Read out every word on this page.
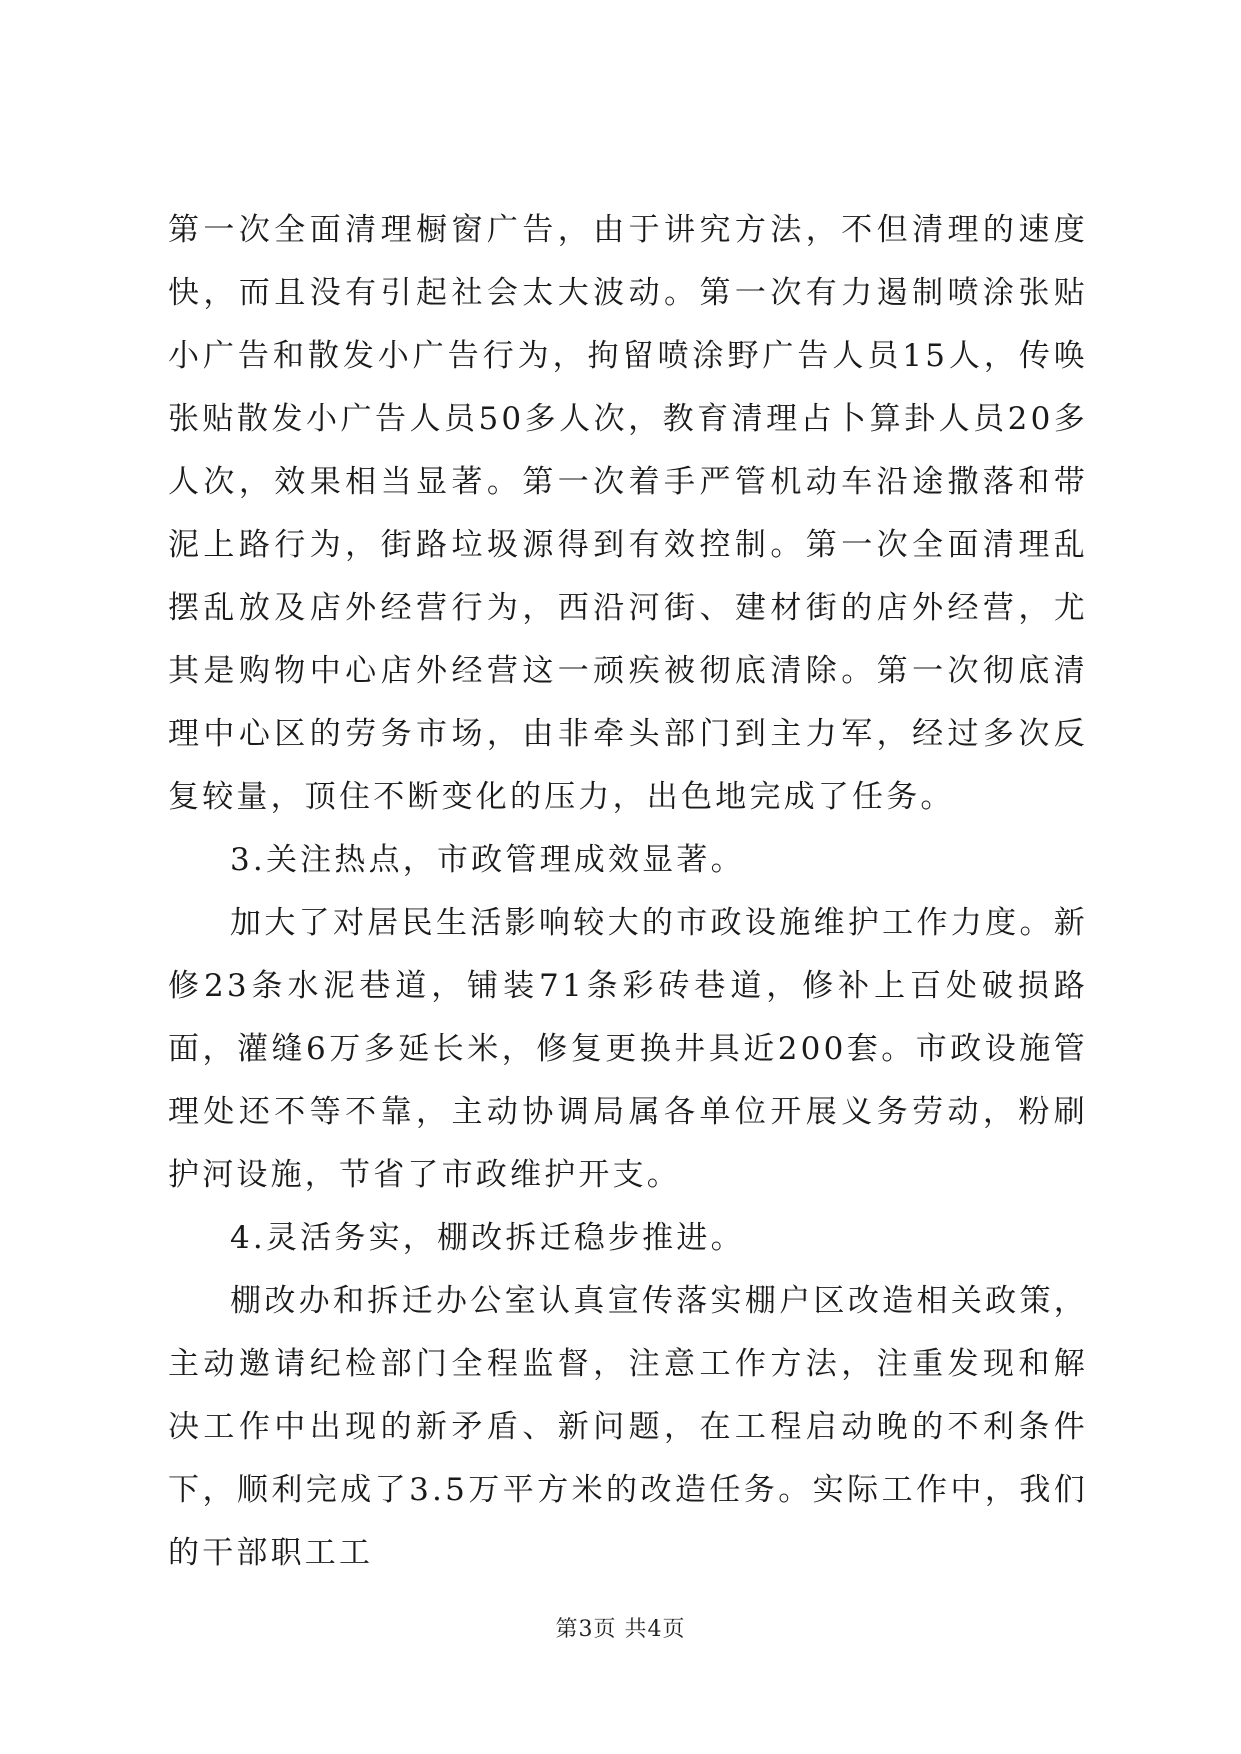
第一次全面清理橱窗广告，由于讲究方法，不但清理的速度快，而且没有引起社会太大波动。第一次有力遏制喷涂张贴小广告和散发小广告行为，拘留喷涂野广告人员15人，传唤张贴散发小广告人员50多人次，教育清理占卜算卦人员20多人次，效果相当显著。第一次着手严管机动车沿途撒落和带泥上路行为，街路垃圾源得到有效控制。第一次全面清理乱摆乱放及店外经营行为，西沿河街、建材街的店外经营，尤其是购物中心店外经营这一顽疾被彻底清除。第一次彻底清理中心区的劳务市场，由非牵头部门到主力军，经过多次反复较量，顶住不断变化的压力，出色地完成了任务。

3.关注热点，市政管理成效显著。

加大了对居民生活影响较大的市政设施维护工作力度。新修23条水泥巷道，铺装71条彩砖巷道，修补上百处破损路面，灌缝6万多延长米，修复更换井具近200套。市政设施管理处还不等不靠，主动协调局属各单位开展义务劳动，粉刷护河设施，节省了市政维护开支。

4.灵活务实，棚改拆迁稳步推进。

棚改办和拆迁办公室认真宣传落实棚户区改造相关政策，主动邀请纪检部门全程监督，注意工作方法，注重发现和解决工作中出现的新矛盾、新问题，在工程启动晚的不利条件下，顺利完成了3.5万平方米的改造任务。实际工作中，我们的干部职工工

第3页 共4页
